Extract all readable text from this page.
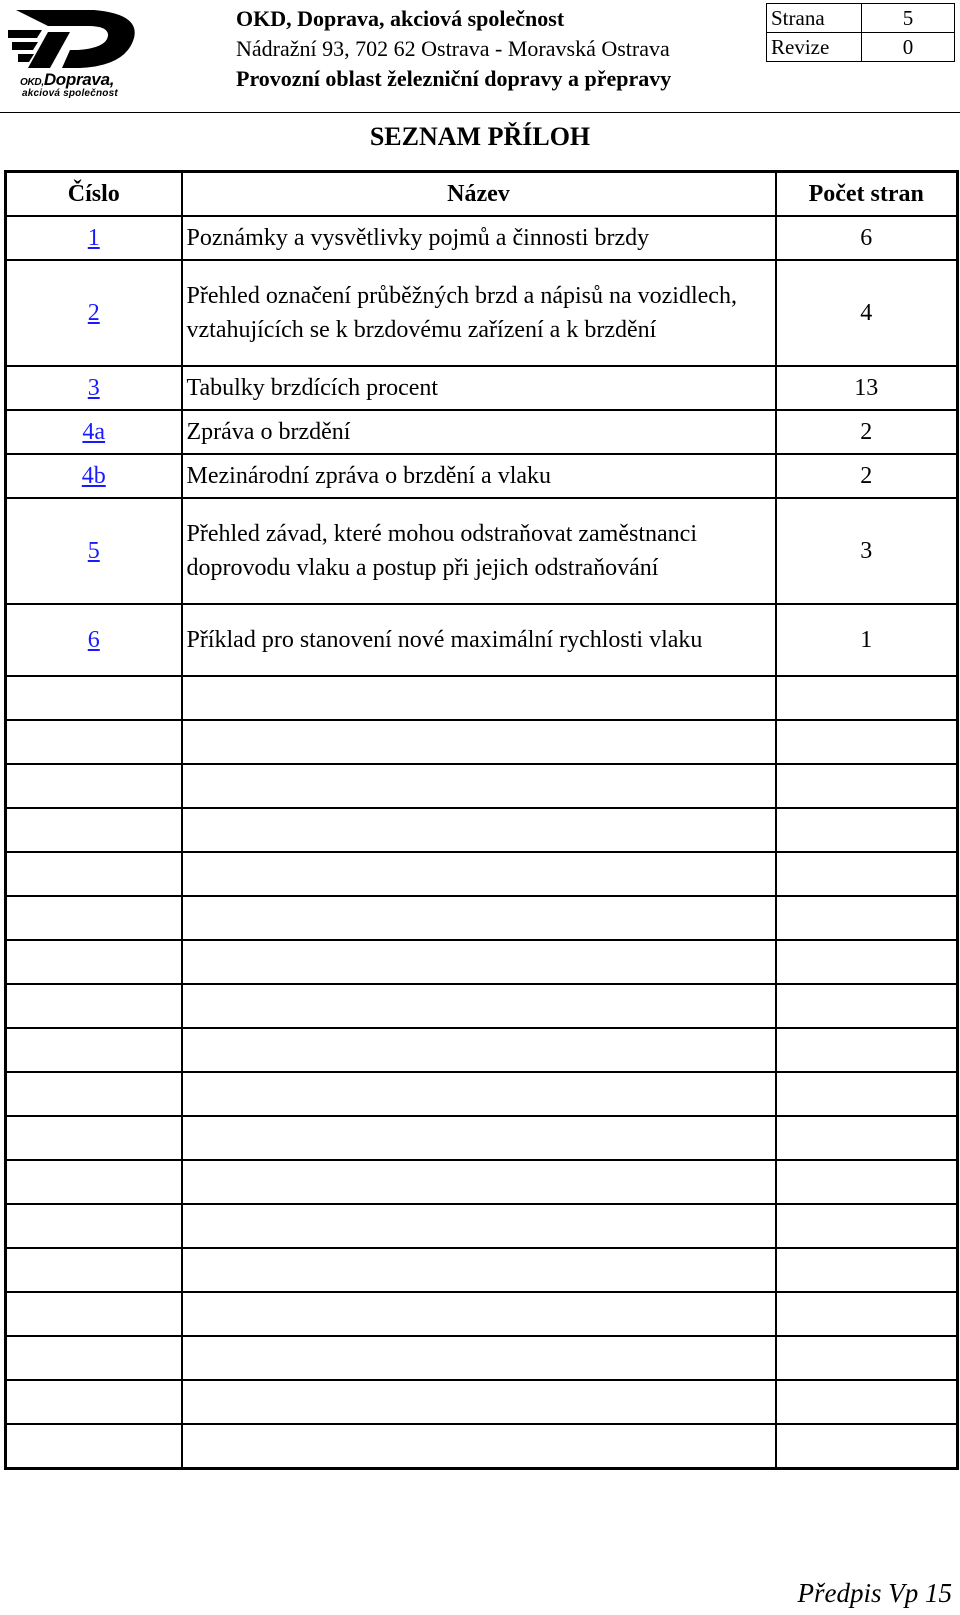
OKD,Doprava,
akciová společnost
OKD, Doprava, akciová společnost
Nádražní 93, 702 62 Ostrava - Moravská Ostrava
Provozní oblast železniční dopravy a přepravy
Strana	5
Revize	0
SEZNAM PŘÍLOH
Číslo	Název	Počet stran
1	Poznámky a vysvětlivky pojmů a činnosti brzdy	6
2	Přehled označení průběžných brzd a nápisů na vozidlech, vztahujících se k brzdovému zařízení a k brzdění	4
3	Tabulky brzdících procent	13
4a	Zpráva o brzdění	2
4b	Mezinárodní zpráva o brzdění a vlaku	2
5	Přehled závad, které mohou odstraňovat zaměstnanci doprovodu vlaku a postup při jejich odstraňování	3
6	Příklad pro stanovení nové maximální rychlosti vlaku	1

Předpis Vp 15
